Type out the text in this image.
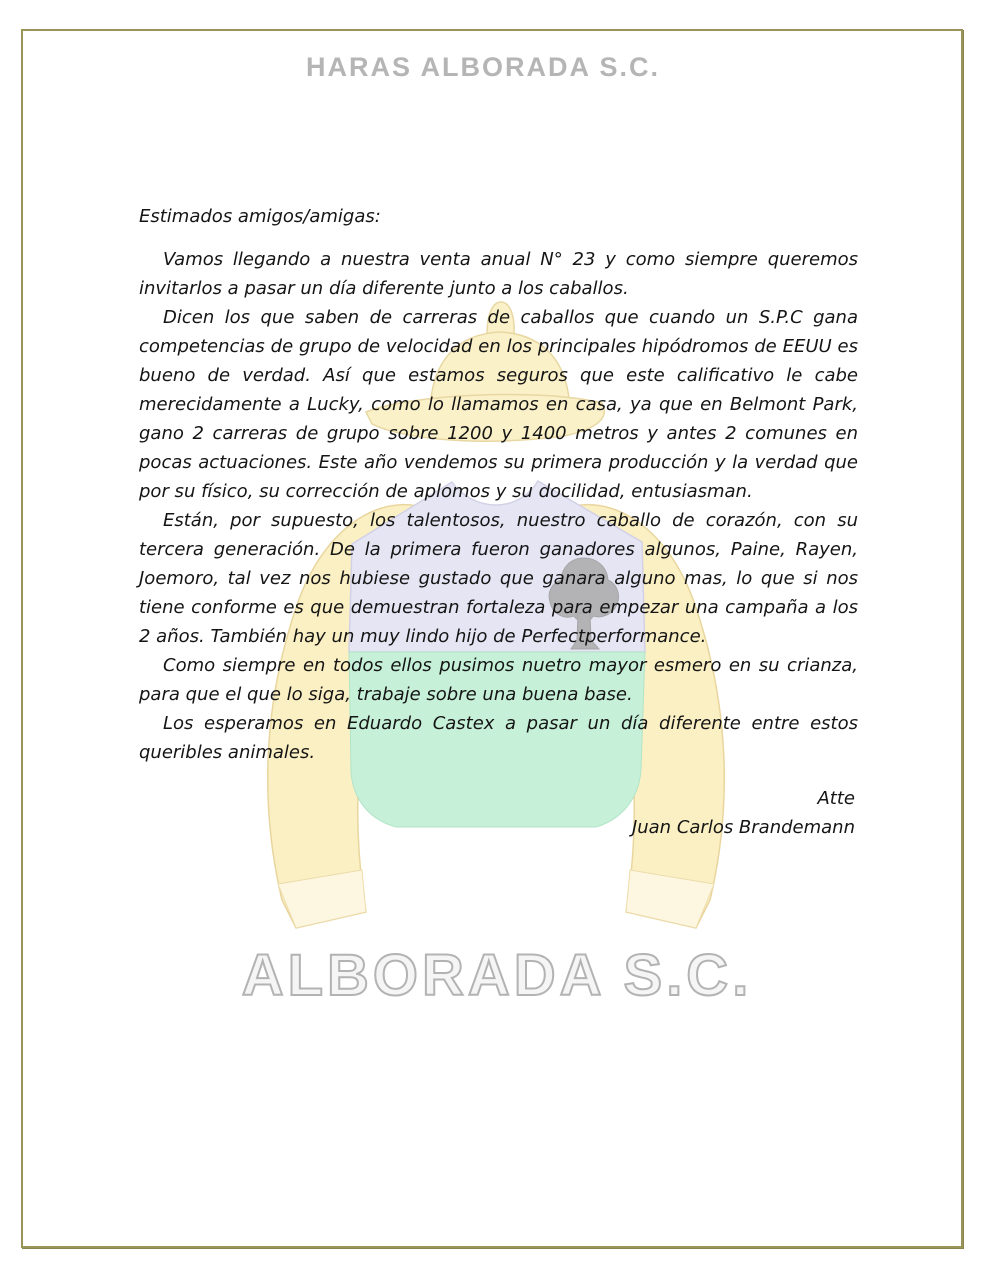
HARAS ALBORADA S.C.
ALBORADA S.C.

Estimados amigos/amigas:

Vamos llegando a nuestra venta anual N° 23 y como siempre queremos invitarlos a pasar un día diferente junto a los caballos.

Dicen los que saben de carreras de caballos que cuando un S.P.C gana competencias de grupo de velocidad en los principales hipódromos de EEUU es bueno de verdad. Así que estamos seguros que este calificativo le cabe merecidamente a Lucky, como lo llamamos en casa, ya que en Belmont Park, gano 2 carreras de grupo sobre 1200 y 1400 metros y antes 2 comunes en pocas actuaciones. Este año vendemos su primera producción y la verdad que por su físico, su corrección de aplomos y su docilidad, entusiasman.

Están, por supuesto, los talentosos, nuestro caballo de corazón, con su tercera generación. De la primera fueron ganadores algunos, Paine, Rayen, Joemoro, tal vez nos hubiese gustado que ganara alguno mas, lo que si nos tiene conforme es que demuestran fortaleza para empezar una campaña a los 2 años. También hay un muy lindo hijo de Perfectperformance.

Como siempre en todos ellos pusimos nuetro mayor esmero en su crianza, para que el que lo siga, trabaje sobre una buena base.

Los esperamos en Eduardo Castex a pasar un día diferente entre estos queribles animales.

Atte

Juan Carlos Brandemann
